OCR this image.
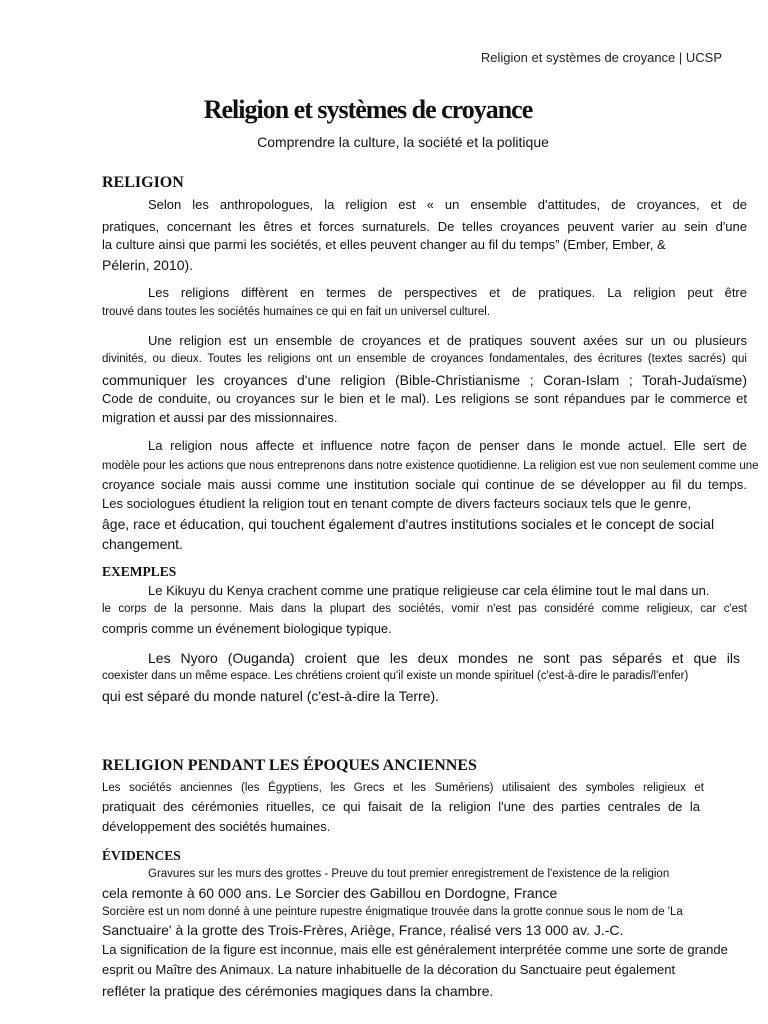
Religion et systèmes de croyance | UCSP
Religion et systèmes de croyance
Comprendre la culture, la société et la politique
RELIGION
Selon les anthropologues, la religion est « un ensemble d'attitudes, de croyances, et de
pratiques, concernant les êtres et forces surnaturels. De telles croyances peuvent varier au sein d'une
la culture ainsi que parmi les sociétés, et elles peuvent changer au fil du temps” (Ember, Ember, &
Pélerin, 2010).
Les religions diffèrent en termes de perspectives et de pratiques. La religion peut être
trouvé dans toutes les sociétés humaines ce qui en fait un universel culturel.
Une religion est un ensemble de croyances et de pratiques souvent axées sur un ou plusieurs
divinités, ou dieux. Toutes les religions ont un ensemble de croyances fondamentales, des écritures (textes sacrés) qui
communiquer les croyances d'une religion (Bible-Christianisme ; Coran-Islam ; Torah-Judaïsme)
Code de conduite, ou croyances sur le bien et le mal). Les religions se sont répandues par le commerce et
migration et aussi par des missionnaires.
La religion nous affecte et influence notre façon de penser dans le monde actuel. Elle sert de
modèle pour les actions que nous entreprenons dans notre existence quotidienne. La religion est vue non seulement comme une
croyance sociale mais aussi comme une institution sociale qui continue de se développer au fil du temps.
Les sociologues étudient la religion tout en tenant compte de divers facteurs sociaux tels que le genre,
âge, race et éducation, qui touchent également d'autres institutions sociales et le concept de social
changement.
EXEMPLES
Le Kikuyu du Kenya crachent comme une pratique religieuse car cela élimine tout le mal dans un.
le corps de la personne. Mais dans la plupart des sociétés, vomir n'est pas considéré comme religieux, car c'est
compris comme un événement biologique typique.
Les Nyoro (Ouganda) croient que les deux mondes ne sont pas séparés et que ils
coexister dans un même espace. Les chrétiens croient qu'il existe un monde spirituel (c'est-à-dire le paradis/l'enfer)
qui est séparé du monde naturel (c'est-à-dire la Terre).
RELIGION PENDANT LES ÉPOQUES ANCIENNES
Les sociétés anciennes (les Égyptiens, les Grecs et les Sumériens) utilisaient des symboles religieux et
pratiquait des cérémonies rituelles, ce qui faisait de la religion l'une des parties centrales de la
développement des sociétés humaines.
ÉVIDENCES
Gravures sur les murs des grottes - Preuve du tout premier enregistrement de l'existence de la religion
cela remonte à 60 000 ans. Le Sorcier des Gabillou en Dordogne, France
Sorcière est un nom donné à une peinture rupestre énigmatique trouvée dans la grotte connue sous le nom de 'La
Sanctuaire' à la grotte des Trois-Frères, Ariège, France, réalisé vers 13 000 av. J.-C.
La signification de la figure est inconnue, mais elle est généralement interprétée comme une sorte de grande
esprit ou Maître des Animaux. La nature inhabituelle de la décoration du Sanctuaire peut également
refléter la pratique des cérémonies magiques dans la chambre.
